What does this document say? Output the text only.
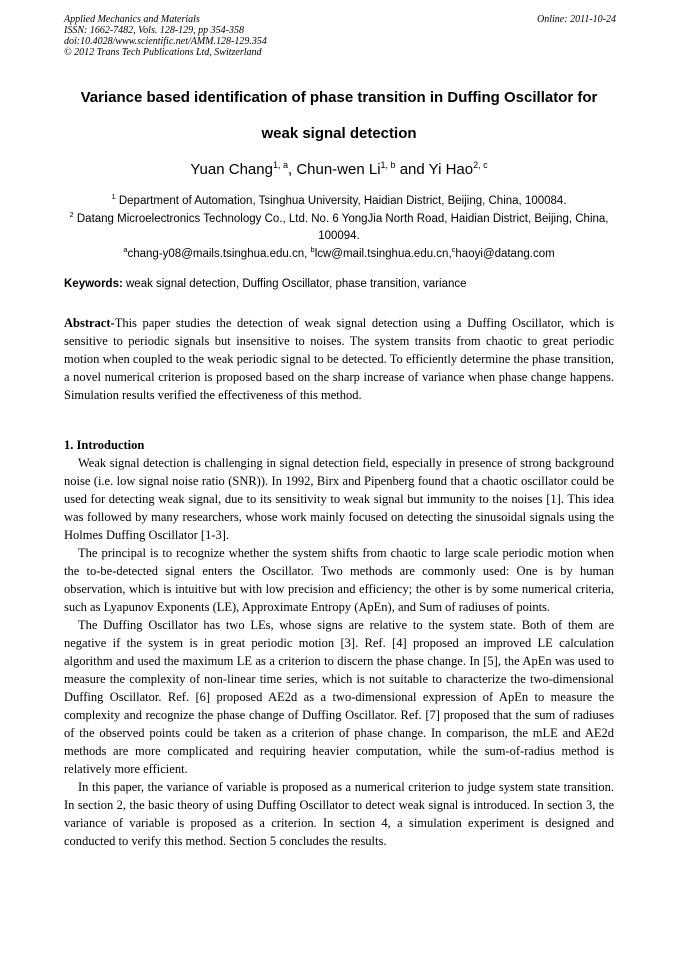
Applied Mechanics and Materials
ISSN: 1662-7482, Vols. 128-129, pp 354-358
doi:10.4028/www.scientific.net/AMM.128-129.354
© 2012 Trans Tech Publications Ltd, Switzerland
Online: 2011-10-24
Variance based identification of phase transition in Duffing Oscillator for
weak signal detection
Yuan Chang$^{1, a}$, Chun-wen Li$^{1, b}$ and Yi Hao$^{2, c}$
$^1$ Department of Automation, Tsinghua University, Haidian District, Beijing, China, 100084.
$^2$ Datang Microelectronics Technology Co., Ltd. No. 6 YongJia North Road, Haidian District, Beijing, China, 100094.
$^a$chang-y08@mails.tsinghua.edu.cn, $^b$lcw@mail.tsinghua.edu.cn,$^c$haoyi@datang.com
Keywords: weak signal detection, Duffing Oscillator, phase transition, variance
Abstract-This paper studies the detection of weak signal detection using a Duffing Oscillator, which is sensitive to periodic signals but insensitive to noises. The system transits from chaotic to great periodic motion when coupled to the weak periodic signal to be detected. To efficiently determine the phase transition, a novel numerical criterion is proposed based on the sharp increase of variance when phase change happens. Simulation results verified the effectiveness of this method.
1. Introduction

Weak signal detection is challenging in signal detection field, especially in presence of strong background noise (i.e. low signal noise ratio (SNR)). In 1992, Birx and Pipenberg found that a chaotic oscillator could be used for detecting weak signal, due to its sensitivity to weak signal but immunity to the noises [1]. This idea was followed by many researchers, whose work mainly focused on detecting the sinusoidal signals using the Holmes Duffing Oscillator [1-3].

The principal is to recognize whether the system shifts from chaotic to large scale periodic motion when the to-be-detected signal enters the Oscillator. Two methods are commonly used: One is by human observation, which is intuitive but with low precision and efficiency; the other is by some numerical criteria, such as Lyapunov Exponents (LE), Approximate Entropy (ApEn), and Sum of radiuses of points.

The Duffing Oscillator has two LEs, whose signs are relative to the system state. Both of them are negative if the system is in great periodic motion [3]. Ref. [4] proposed an improved LE calculation algorithm and used the maximum LE as a criterion to discern the phase change. In [5], the ApEn was used to measure the complexity of non-linear time series, which is not suitable to characterize the two-dimensional Duffing Oscillator. Ref. [6] proposed AE2d as a two-dimensional expression of ApEn to measure the complexity and recognize the phase change of Duffing Oscillator. Ref. [7] proposed that the sum of radiuses of the observed points could be taken as a criterion of phase change. In comparison, the mLE and AE2d methods are more complicated and requiring heavier computation, while the sum-of-radius method is relatively more efficient.

In this paper, the variance of variable is proposed as a numerical criterion to judge system state transition. In section 2, the basic theory of using Duffing Oscillator to detect weak signal is introduced. In section 3, the variance of variable is proposed as a criterion. In section 4, a simulation experiment is designed and conducted to verify this method. Section 5 concludes the results.
